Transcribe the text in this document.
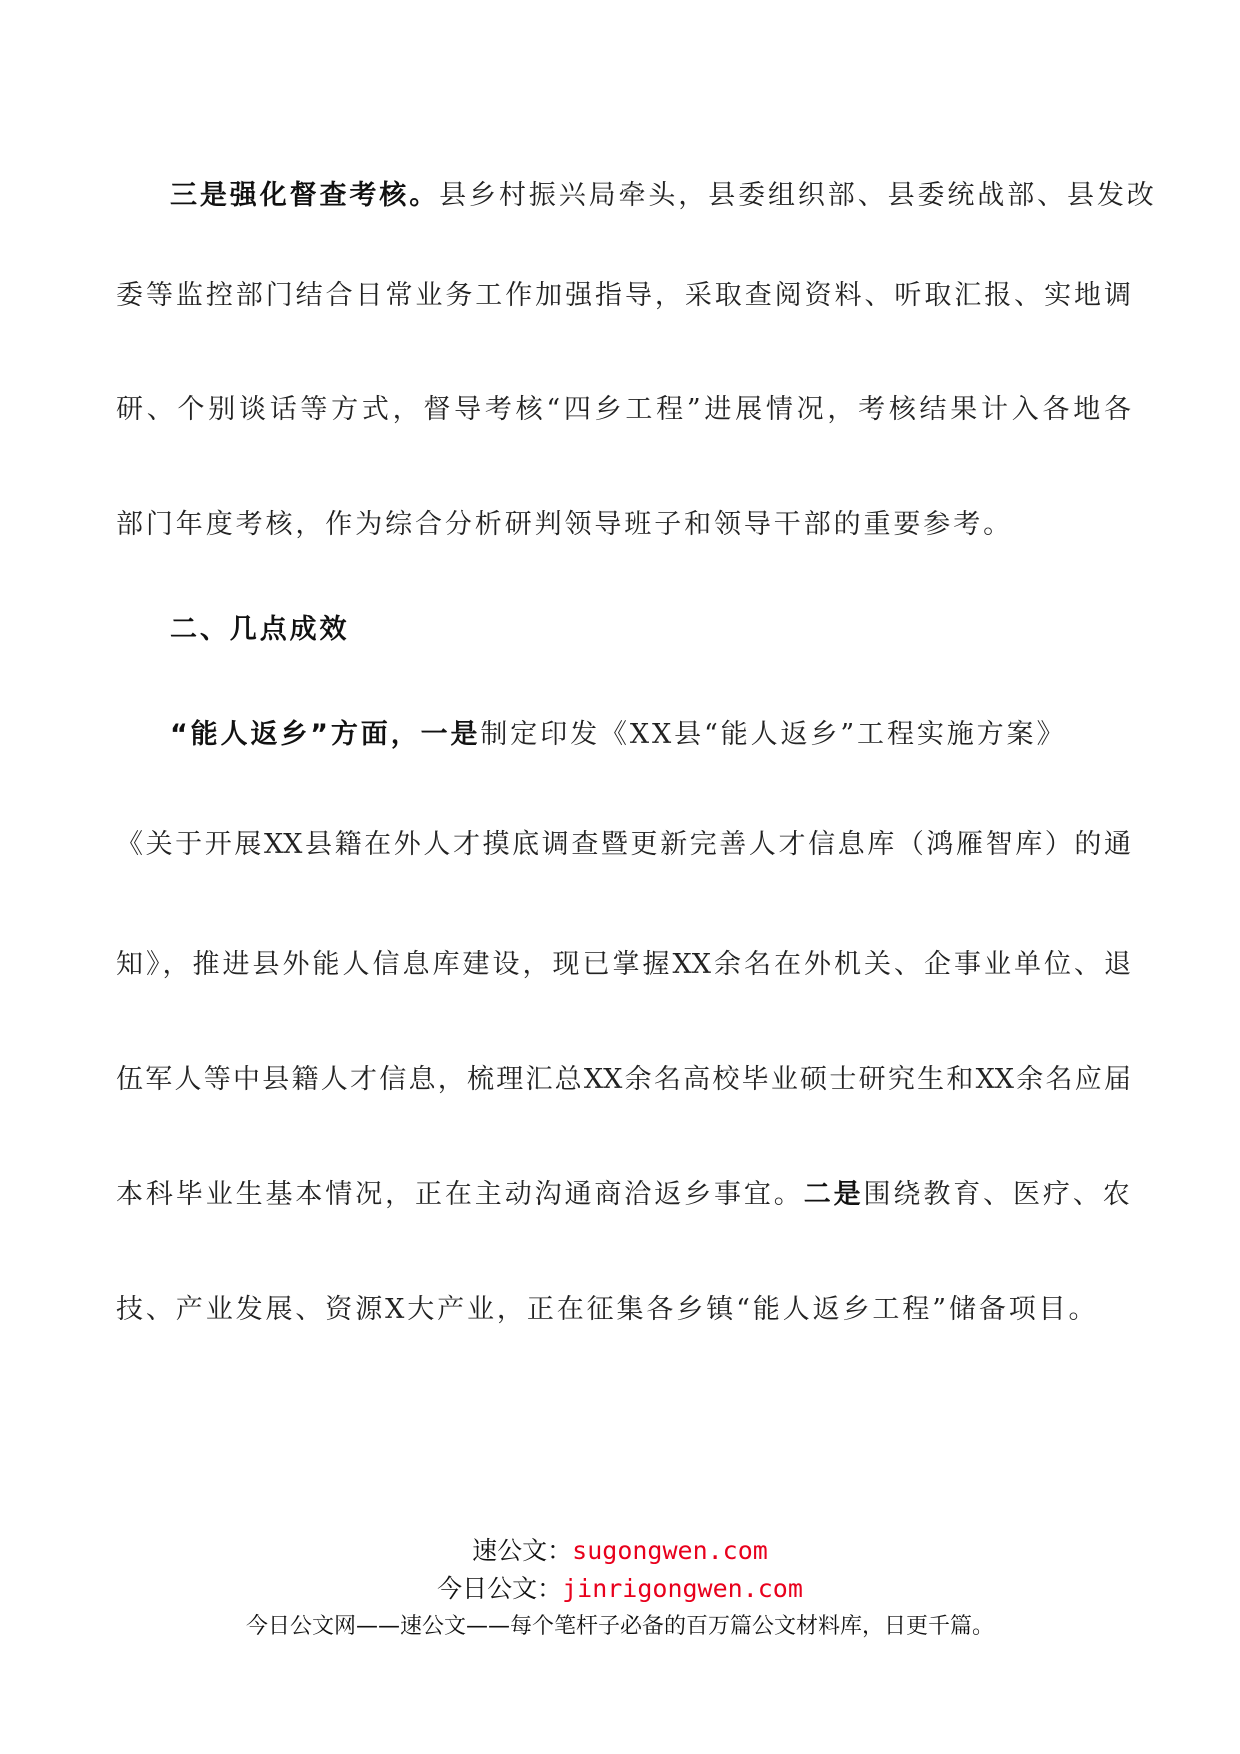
三是强化督查考核。县乡村振兴局牵头，县委组织部、县委统战部、县发改
委等监控部门结合日常业务工作加强指导，采取查阅资料、听取汇报、实地调
研、个别谈话等方式，督导考核“四乡工程”进展情况，考核结果计入各地各
部门年度考核，作为综合分析研判领导班子和领导干部的重要参考。
二、几点成效
“能人返乡”方面，一是制定印发《XX县“能人返乡”工程实施方案》
《关于开展XX县籍在外人才摸底调查暨更新完善人才信息库（鸿雁智库）的通
知》，推进县外能人信息库建设，现已掌握XX余名在外机关、企事业单位、退
伍军人等中县籍人才信息，梳理汇总XX余名高校毕业硕士研究生和XX余名应届
本科毕业生基本情况，正在主动沟通商洽返乡事宜。二是围绕教育、医疗、农
技、产业发展、资源X大产业，正在征集各乡镇“能人返乡工程”储备项目。
速公文：sugongwen.com
今日公文：jinrigongwen.com
今日公文网——速公文——每个笔杆子必备的百万篇公文材料库，日更千篇。
